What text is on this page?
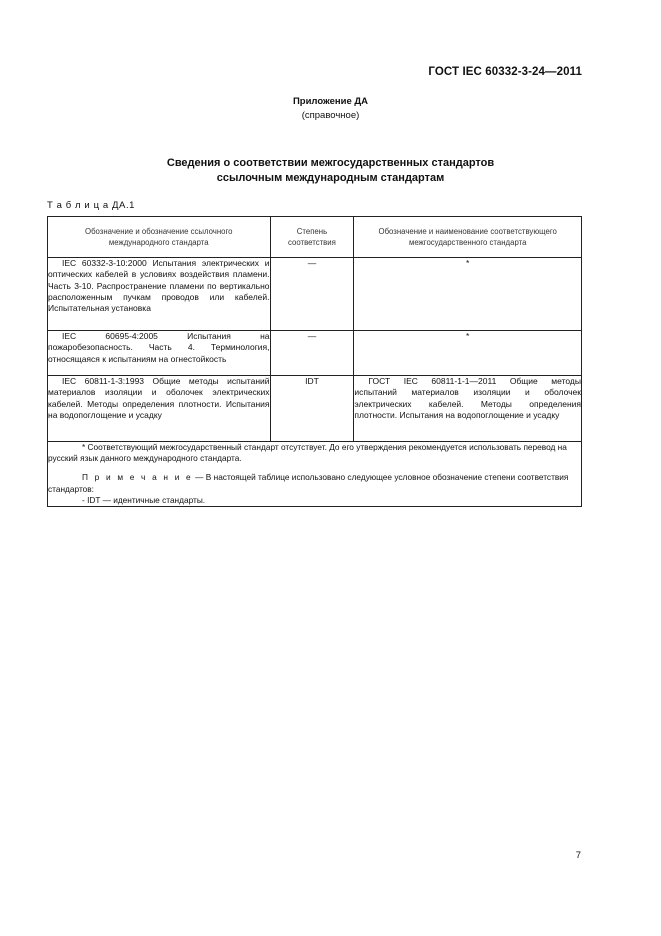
ГОСТ IEC 60332-3-24—2011
Приложение ДА
(справочное)
Сведения о соответствии межгосударственных стандартов
ссылочным международным стандартам
Т а б л и ц а ДА.1
Обозначение и обозначение ссылочного международного стандарта	Степень соответствия	Обозначение и наименование соответствующего межгосударственного стандарта
IEC 60332-3-10:2000 Испытания электрических и оптических кабелей в условиях воздействия пламени. Часть 3-10. Распространение пламени по вертикально расположенным пучкам проводов или кабелей. Испытательная установка	—	*
IEC 60695-4:2005 Испытания на пожаробезопасность. Часть 4. Терминология, относящаяся к испытаниям на огнестойкость	—	*
IEC 60811-1-3:1993 Общие методы испытаний материалов изоляции и оболочек электрических кабелей. Методы определения плотности. Испытания на водопоглощение и усадку	IDT	ГОСТ IEC 60811-1-1—2011 Общие методы испытаний материалов изоляции и оболочек электрических кабелей. Методы определения плотности. Испытания на водопоглощение и усадку

* Соответствующий межгосударственный стандарт отсутствует. До его утверждения рекомендуется использовать перевод на русский язык данного международного стандарта.

П р и м е ч а н и е — В настоящей таблице использовано следующее условное обозначение степени соответствия стандартов:

- IDT — идентичные стандарты.		

7
